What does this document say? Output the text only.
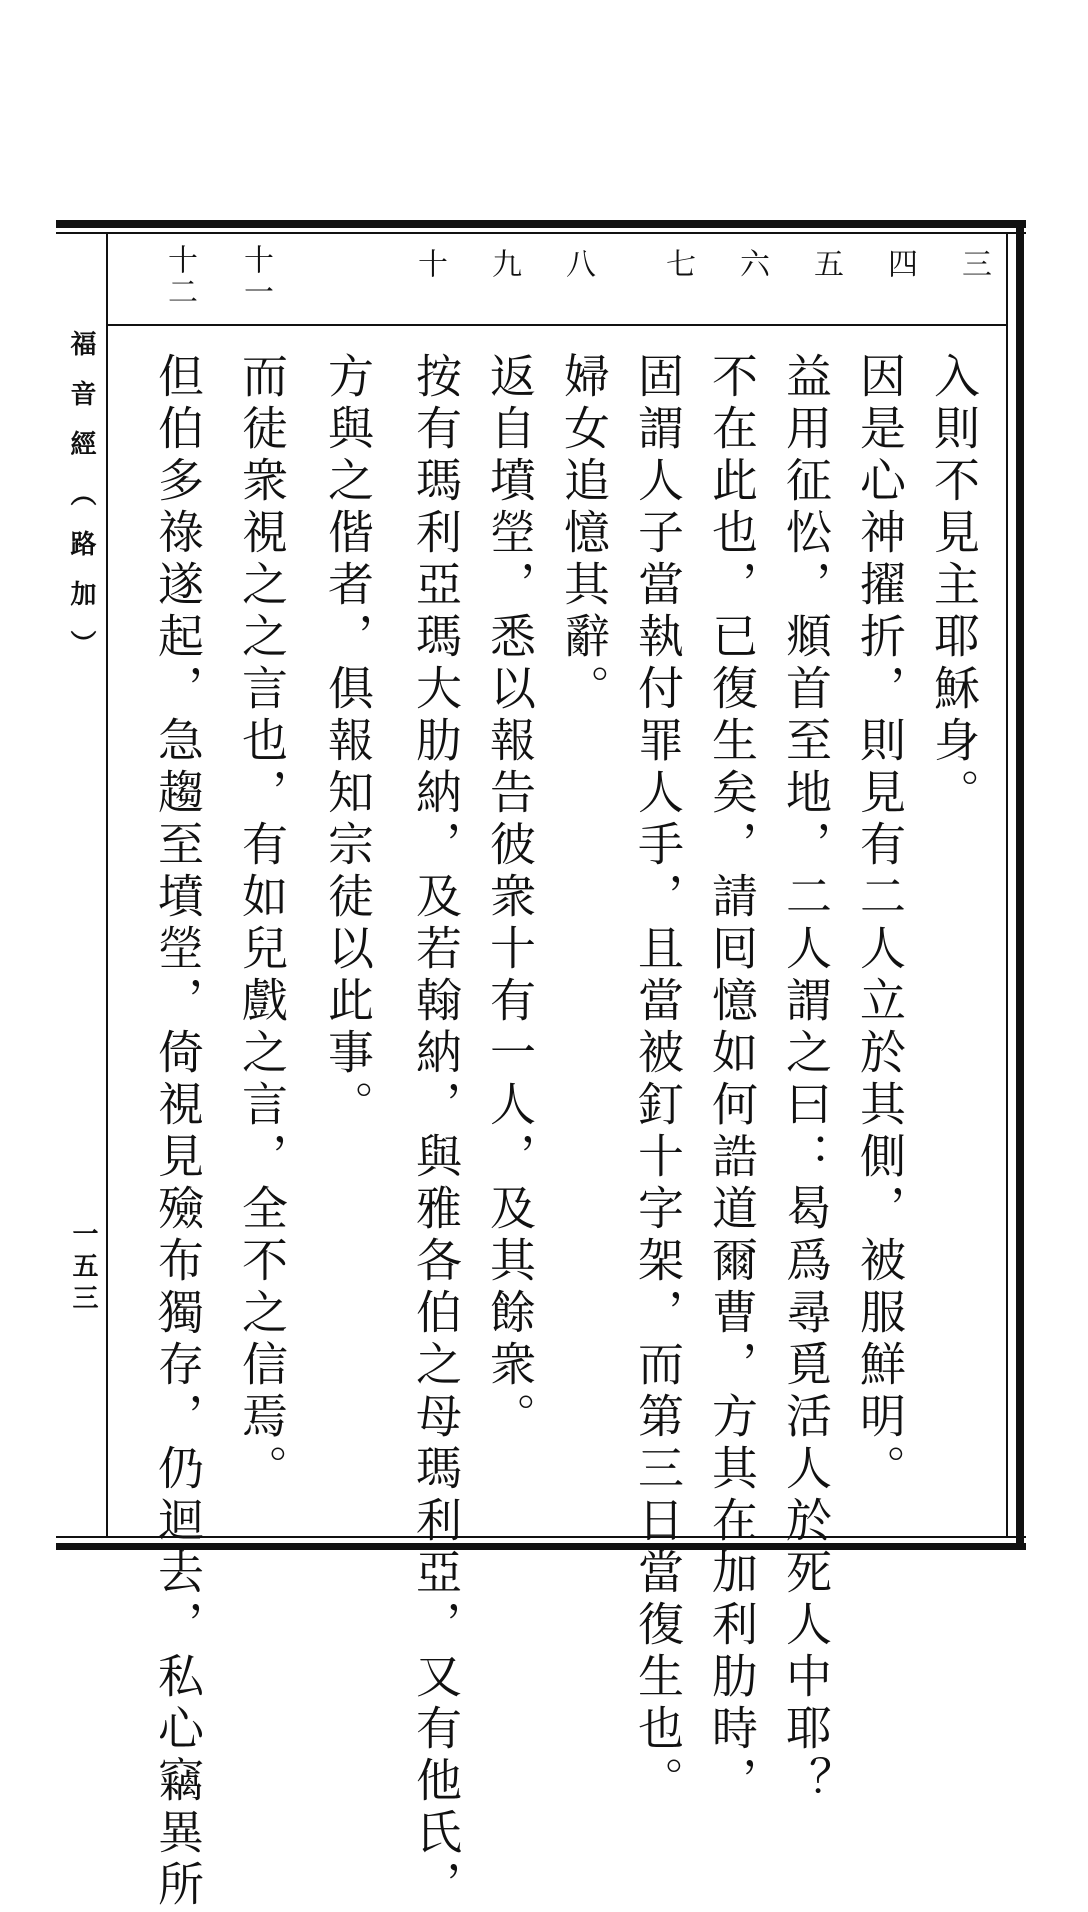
福音經（路加）
一五三
三
四
五
六
七
八
九
十
十一
十二
入則不見主耶穌身。
因是心神擢折，則見有二人立於其側，被服鮮明。
益用征忪，頫首至地，二人謂之曰：曷爲尋覓活人於死人中耶？
不在此也，已復生矣，請囘憶如何誥道爾曹，方其在加利肋時，
固謂人子當執付罪人手，且當被釘十字架，而第三日當復生也。
婦女追憶其辭。
返自墳塋，悉以報告彼衆十有一人，及其餘衆。
按有瑪利亞瑪大肋納，及若翰納，與雅各伯之母瑪利亞，又有他氏，
方與之偕者，俱報知宗徒以此事。
而徒衆視之之言也，有如兒戲之言，全不之信焉。
但伯多祿遂起，急趨至墳塋，倚視見殮布獨存，仍迴去，私心竊異所
